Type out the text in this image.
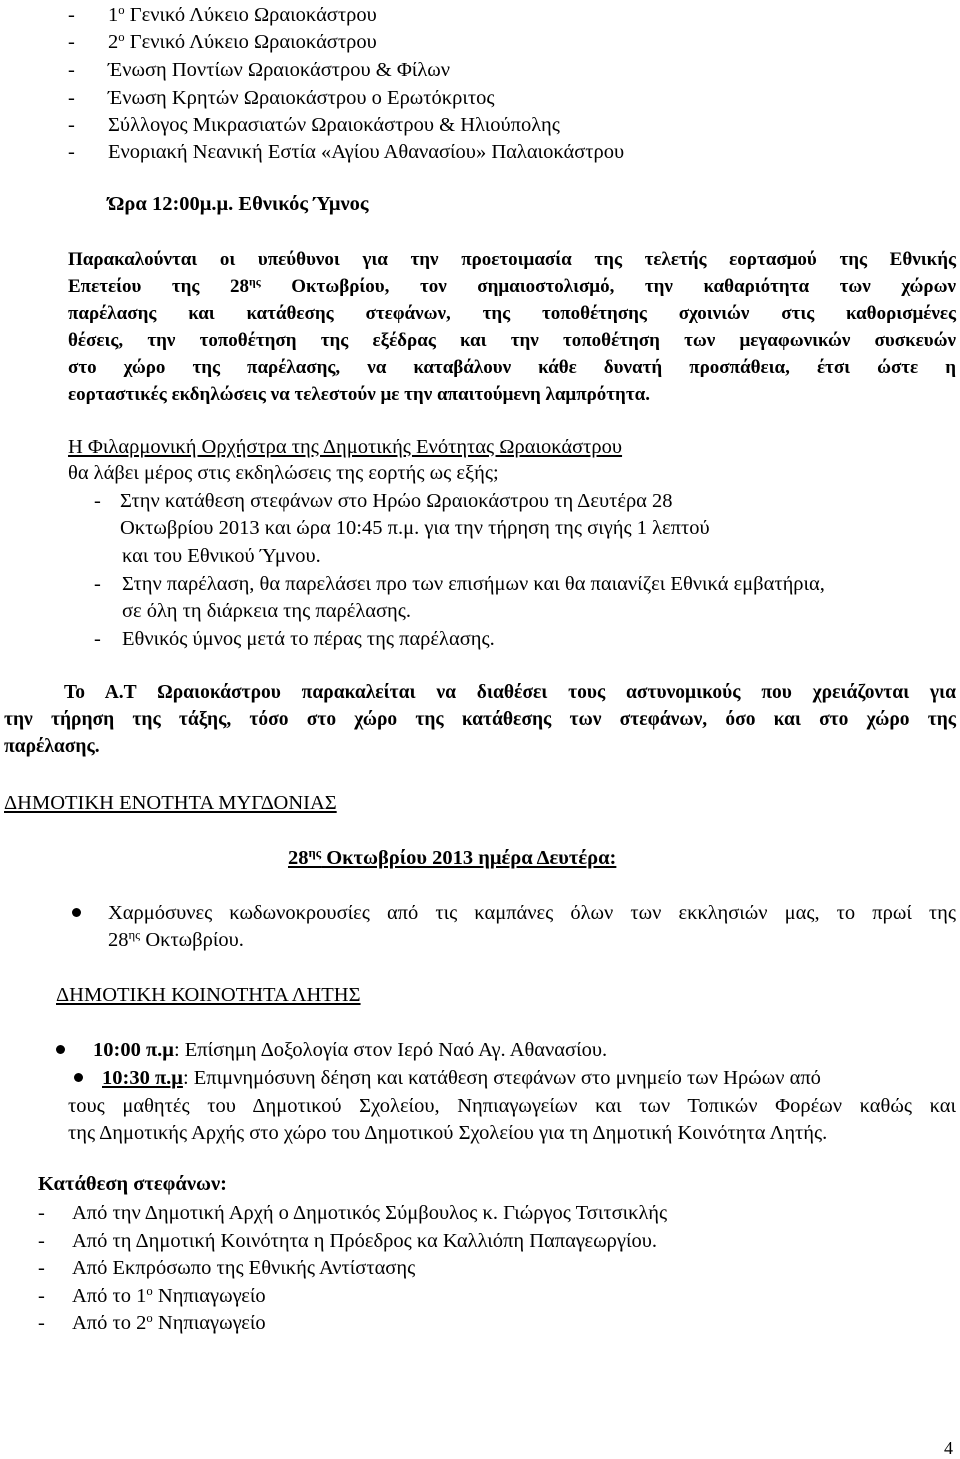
- $1^o$ Γενικό Λύκειο Ωραιοκάστρου
- $2^o$ Γενικό Λύκειο Ωραιοκάστρου
- Ένωση Ποντίων Ωραιοκάστρου & Φίλων
- Ένωση Κρητών Ωραιοκάστρου ο Ερωτόκριτος
- Σύλλογος Μικρασιατών Ωραιοκάστρου & Ηλιούπολης
- Ενοριακή Νεανική Εστία «Αγίου Αθανασίου» Παλαιοκάστρου
Ώρα 12:00μ.μ. Εθνικός Ύμνος
Παρακαλούνται οι υπεύθυνοι για την προετοιμασία της τελετής εορτασμού της Εθνικής
Επετείου της $28^{\eta\varsigma}$ Οκτωβρίου, τον σημαιοστολισμό, την καθαριότητα των χώρων
παρέλασης και κατάθεσης στεφάνων, της τοποθέτησης σχοινιών στις καθορισμένες
θέσεις, την τοποθέτηση της εξέδρας και την τοποθέτηση των μεγαφωνικών συσκευών
στο χώρο της παρέλασης, να καταβάλουν κάθε δυνατή προσπάθεια, έτσι ώστε η
εορταστικές εκδηλώσεις να τελεστούν με την απαιτούμενη λαμπρότητα.
Η Φιλαρμονική Ορχήστρα της Δημοτικής Ενότητας Ωραιοκάστρου
θα λάβει μέρος στις εκδηλώσεις της εορτής ως εξής;
- Στην κατάθεση στεφάνων στο Ηρώο Ωραιοκάστρου τη Δευτέρα 28
Οκτωβρίου 2013 και ώρα 10:45 π.μ. για την τήρηση της σιγής 1 λεπτού
και του Εθνικού Ύμνου.
- Στην παρέλαση, θα παρελάσει προ των επισήμων και θα παιανίζει Εθνικά εμβατήρια,
σε όλη τη διάρκεια της παρέλασης.
- Εθνικός ύμνος μετά το πέρας της παρέλασης.
Το Α.Τ Ωραιοκάστρου παρακαλείται να διαθέσει τους αστυνομικούς που χρειάζονται για
την τήρηση της τάξης, τόσο στο χώρο της κατάθεσης των στεφάνων, όσο και στο χώρο της
παρέλασης.
ΔΗΜΟΤΙΚΗ ΕΝΟΤΗΤΑ ΜΥΓΔΟΝΙΑΣ
$28^{\eta\varsigma}$ Οκτωβρίου 2013 ημέρα Δευτέρα:
Χαρμόσυνες κωδωνοκρουσίες από τις καμπάνες όλων των εκκλησιών μας, το πρωί της
$28^{\eta\varsigma}$ Οκτωβρίου.
ΔΗΜΟΤΙΚΗ ΚΟΙΝΟΤΗΤΑ ΛΗΤΗΣ
10:00 π.μ: Επίσημη Δοξολογία στον Ιερό Ναό Αγ. Αθανασίου.
10:30 π.μ: Επιμνημόσυνη δέηση και κατάθεση στεφάνων στο μνημείο των Ηρώων από
τους μαθητές του Δημοτικού Σχολείου, Νηπιαγωγείων και των Τοπικών Φορέων καθώς και
της Δημοτικής Αρχής στο χώρο του Δημοτικού Σχολείου για τη Δημοτική Κοινότητα Λητής.
Κατάθεση στεφάνων:
- Από την Δημοτική Αρχή ο Δημοτικός Σύμβουλος κ. Γιώργος Τσιτσικλής
- Από τη Δημοτική Κοινότητα η Πρόεδρος κα Καλλιόπη Παπαγεωργίου.
- Από Εκπρόσωπο της Εθνικής Αντίστασης
- Από το $1^o$ Νηπιαγωγείο
- Από το $2^o$ Νηπιαγωγείο
4
